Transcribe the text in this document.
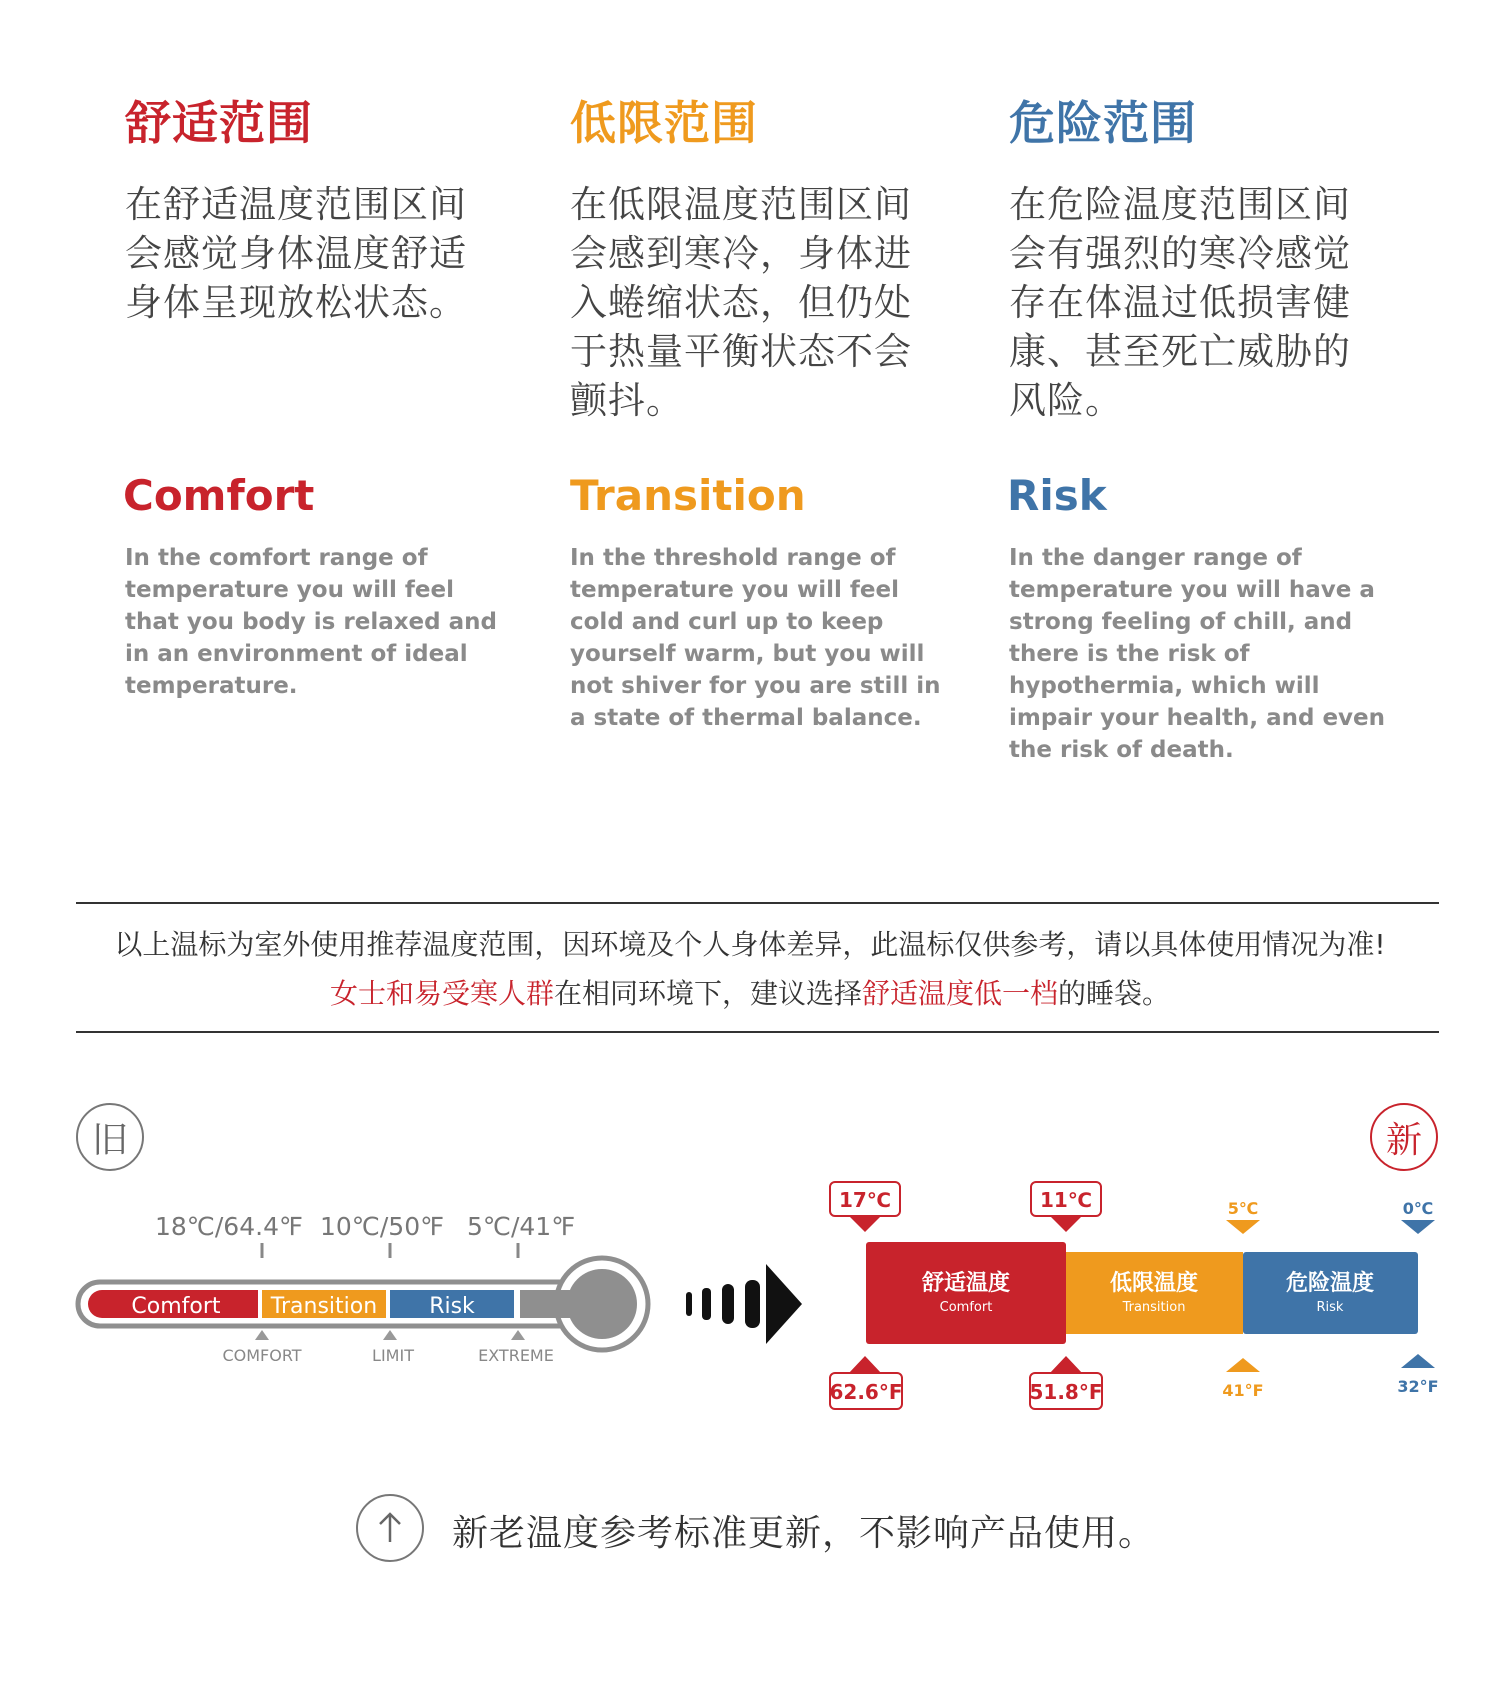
舒适范围
在舒适温度范围区间
会感觉身体温度舒适
身体呈现放松状态。
低限范围
在低限温度范围区间
会感到寒冷，身体进
入蜷缩状态，但仍处
于热量平衡状态不会
颤抖。
危险范围
在危险温度范围区间
会有强烈的寒冷感觉
存在体温过低损害健
康、甚至死亡威胁的
风险。
Comfort	Transition	Risk
In the comfort range of temperature you will feel that you body is relaxed and in an environment of ideal temperature.
In the threshold range of temperature you will feel cold and curl up to keep yourself warm, but you will not shiver for you are still in a state of thermal balance.
In the danger range of temperature you will have a strong feeling of chill, and there is the risk of hypothermia, which will impair your health, and even the risk of death.
以上温标为室外使用推荐温度范围，因环境及个人身体差异，此温标仅供参考，请以具体使用情况为准!
女士和易受寒人群在相同环境下，建议选择舒适温度低一档的睡袋。
旧	新
18℃/64.4℉ 10℃/50℉ 5℃/41℉
Comfort Transition Risk
COMFORT	LIMIT	EXTREME
17℃	11℃	5℃	0℃
舒适温度
Comfort
低限温度
Transition
危险温度
Risk
62.6°F	51.8°F	41°F	32°F
新老温度参考标准更新，不影响产品使用。
